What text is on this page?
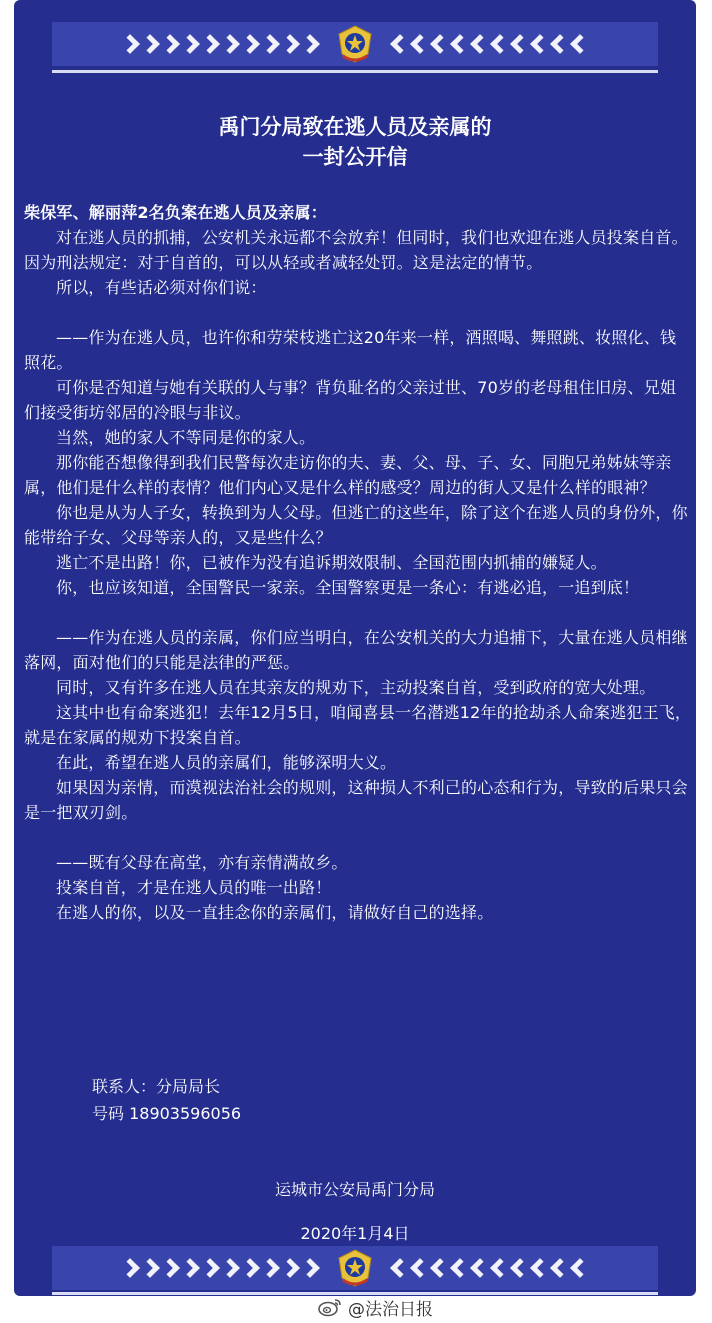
禹门分局致在逃人员及亲属的
一封公开信

柴保军、解丽萍2名负案在逃人员及亲属：

对在逃人员的抓捕，公安机关永远都不会放弃！但同时，我们也欢迎在逃人员投案自首。因为刑法规定：对于自首的，可以从轻或者减轻处罚。这是法定的情节。

所以，有些话必须对你们说：

——作为在逃人员，也许你和劳荣枝逃亡这20年来一样，酒照喝、舞照跳、妆照化、钱照花。

可你是否知道与她有关联的人与事？背负耻名的父亲过世、70岁的老母租住旧房、兄姐们接受街坊邻居的冷眼与非议。

当然，她的家人不等同是你的家人。

那你能否想像得到我们民警每次走访你的夫、妻、父、母、子、女、同胞兄弟姊妹等亲属，他们是什么样的表情？他们内心又是什么样的感受？周边的街人又是什么样的眼神？

你也是从为人子女，转换到为人父母。但逃亡的这些年，除了这个在逃人员的身份外，你能带给子女、父母等亲人的，又是些什么？

逃亡不是出路！你，已被作为没有追诉期效限制、全国范围内抓捕的嫌疑人。

你，也应该知道，全国警民一家亲。全国警察更是一条心：有逃必追，一追到底！

——作为在逃人员的亲属，你们应当明白，在公安机关的大力追捕下，大量在逃人员相继落网，面对他们的只能是法律的严惩。

同时，又有许多在逃人员在其亲友的规劝下，主动投案自首，受到政府的宽大处理。

这其中也有命案逃犯！去年12月5日，咱闻喜县一名潜逃12年的抢劫杀人命案逃犯王飞，就是在家属的规劝下投案自首。

在此，希望在逃人员的亲属们，能够深明大义。

如果因为亲情，而漠视法治社会的规则，这种损人不利己的心态和行为，导致的后果只会是一把双刃剑。

——既有父母在高堂，亦有亲情满故乡。

投案自首，才是在逃人员的唯一出路！

在逃人的你，以及一直挂念你的亲属们，请做好自己的选择。

联系人：分局局长
号码 18903596056
运城市公安局禹门分局
2020年1月4日
@法治日报
